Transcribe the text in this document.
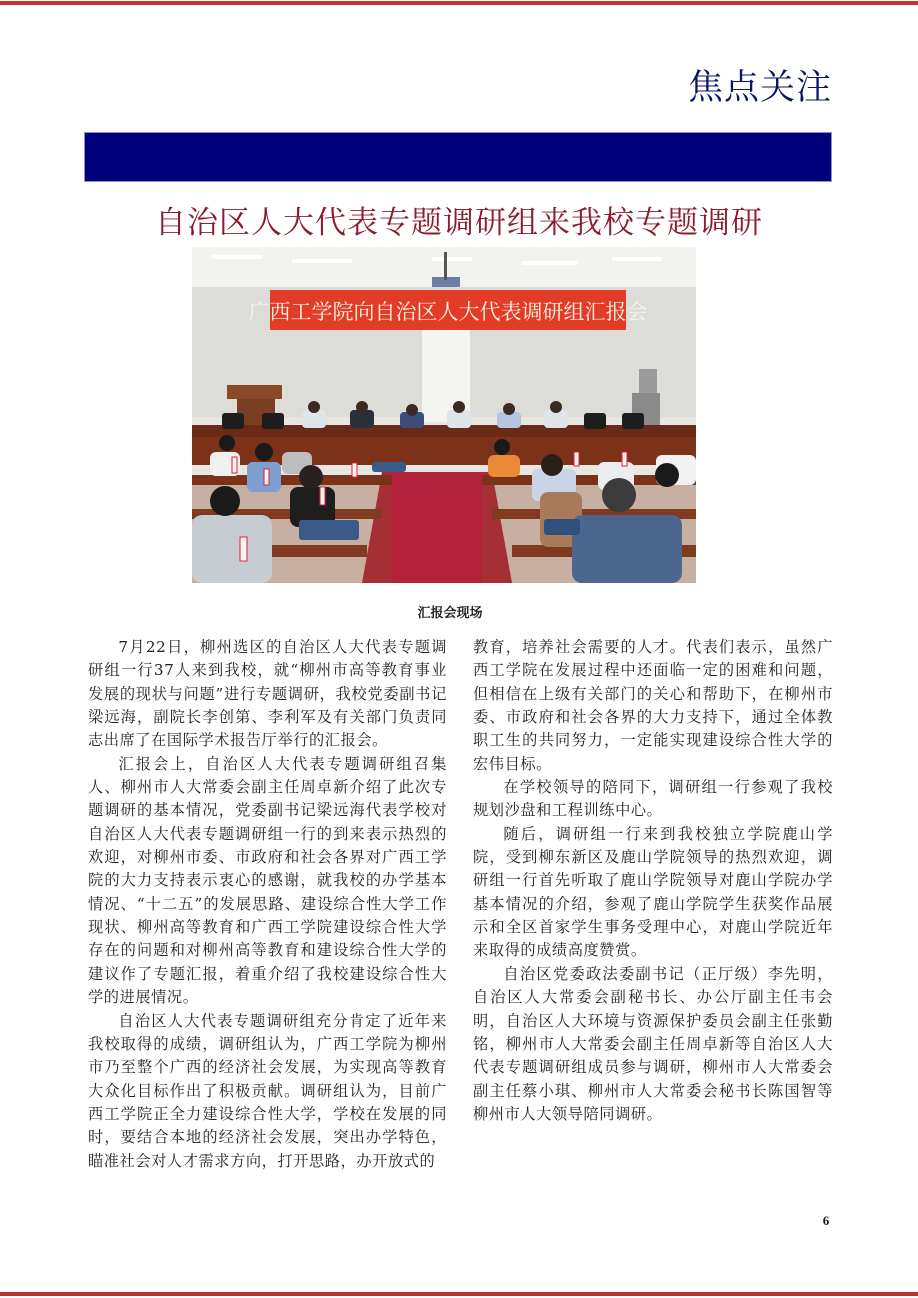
焦点关注
自治区人大代表专题调研组来我校专题调研
广西工学院向自治区人大代表调研组汇报会
汇报会现场

7月22日，柳州选区的自治区人大代表专题调研组一行37人来到我校，就“柳州市高等教育事业发展的现状与问题”进行专题调研，我校党委副书记梁远海，副院长李创第、李利军及有关部门负责同志出席了在国际学术报告厅举行的汇报会。

汇报会上，自治区人大代表专题调研组召集人、柳州市人大常委会副主任周卓新介绍了此次专题调研的基本情况，党委副书记梁远海代表学校对自治区人大代表专题调研组一行的到来表示热烈的欢迎，对柳州市委、市政府和社会各界对广西工学院的大力支持表示衷心的感谢，就我校的办学基本情况、“十二五”的发展思路、建设综合性大学工作现状、柳州高等教育和广西工学院建设综合性大学存在的问题和对柳州高等教育和建设综合性大学的建议作了专题汇报，着重介绍了我校建设综合性大学的进展情况。

自治区人大代表专题调研组充分肯定了近年来我校取得的成绩，调研组认为，广西工学院为柳州市乃至整个广西的经济社会发展，为实现高等教育大众化目标作出了积极贡献。调研组认为，目前广西工学院正全力建设综合性大学，学校在发展的同时，要结合本地的经济社会发展，突出办学特色，瞄准社会对人才需求方向，打开思路，办开放式的

教育，培养社会需要的人才。代表们表示，虽然广西工学院在发展过程中还面临一定的困难和问题，但相信在上级有关部门的关心和帮助下，在柳州市委、市政府和社会各界的大力支持下，通过全体教职工生的共同努力，一定能实现建设综合性大学的宏伟目标。

在学校领导的陪同下，调研组一行参观了我校规划沙盘和工程训练中心。

随后，调研组一行来到我校独立学院鹿山学院，受到柳东新区及鹿山学院领导的热烈欢迎，调研组一行首先听取了鹿山学院领导对鹿山学院办学基本情况的介绍，参观了鹿山学院学生获奖作品展示和全区首家学生事务受理中心，对鹿山学院近年来取得的成绩高度赞赏。

自治区党委政法委副书记（正厅级）李先明，自治区人大常委会副秘书长、办公厅副主任韦会明，自治区人大环境与资源保护委员会副主任张勤铭，柳州市人大常委会副主任周卓新等自治区人大代表专题调研组成员参与调研，柳州市人大常委会副主任蔡小琪、柳州市人大常委会秘书长陈国智等柳州市人大领导陪同调研。

6
